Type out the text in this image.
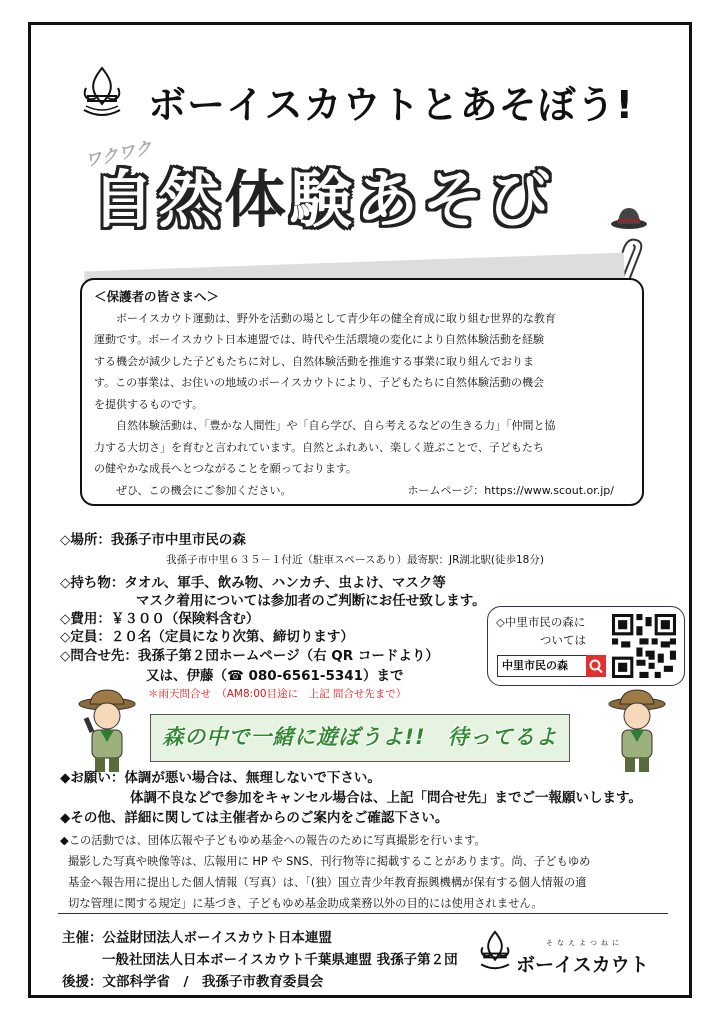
ボーイスカウトとあそぼう!
ワクワク
自然体験あそび

＜保護者の皆さまへ＞

ボーイスカウト運動は、野外を活動の場として青少年の健全育成に取り組む世界的な教育

運動です。ボーイスカウト日本連盟では、時代や生活環境の変化により自然体験活動を経験

する機会が減少した子どもたちに対し、自然体験活動を推進する事業に取り組んでおりま

す。この事業は、お住いの地域のボーイスカウトにより、子どもたちに自然体験活動の機会

を提供するものです。

自然体験活動は、「豊かな人間性」や「自ら学び、自ら考えるなどの生きる力」「仲間と協

力する大切さ」を育むと言われています。自然とふれあい、楽しく遊ぶことで、子どもたち

の健やかな成長へとつながることを願っております。

ぜひ、この機会にご参加ください。	ホームページ：https://www.scout.or.jp/
◇場所：我孫子市中里市民の森
我孫子市中里６３５－１付近（駐車スペースあり）最寄駅：JR湖北駅(徒歩18分)
◇持ち物：タオル、軍手、飲み物、ハンカチ、虫よけ、マスク等
マスク着用については参加者のご判断にお任せ致します。
◇費用：￥３００（保険料含む）
◇定員：２０名（定員になり次第、締切ります）
◇問合せ先：我孫子第２団ホームページ（右 QR コードより）
又は、伊藤（☎ 080-6561-5341）まで
＊雨天問合せ　（AM8:00目途に　上記 問合せ先まで）
◇中里市民の森に
ついては
中里市民の森
森の中で一緒に遊ぼうよ!!　待ってるよ
◆お願い：体調が悪い場合は、無理しないで下さい。
体調不良などで参加をキャンセル場合は、上記「問合せ先」までご一報願いします。
◆その他、詳細に関しては主催者からのご案内をご確認下さい。

◆この活動では、団体広報や子どもゆめ基金への報告のために写真撮影を行います。

撮影した写真や映像等は、広報用に HP や SNS、刊行物等に掲載することがあります。尚、子どもゆめ

基金へ報告用に提出した個人情報（写真）は、「(独）国立青少年教育振興機構が保有する個人情報の適

切な管理に関する規定」に基づき、子どもゆめ基金助成業務以外の目的には使用されません。

主催：公益財団法人ボーイスカウト日本連盟
一般社団法人日本ボーイスカウト千葉県連盟 我孫子第２団
後援：文部科学省　/　我孫子市教育委員会
そなえよつねに
ボーイスカウト
